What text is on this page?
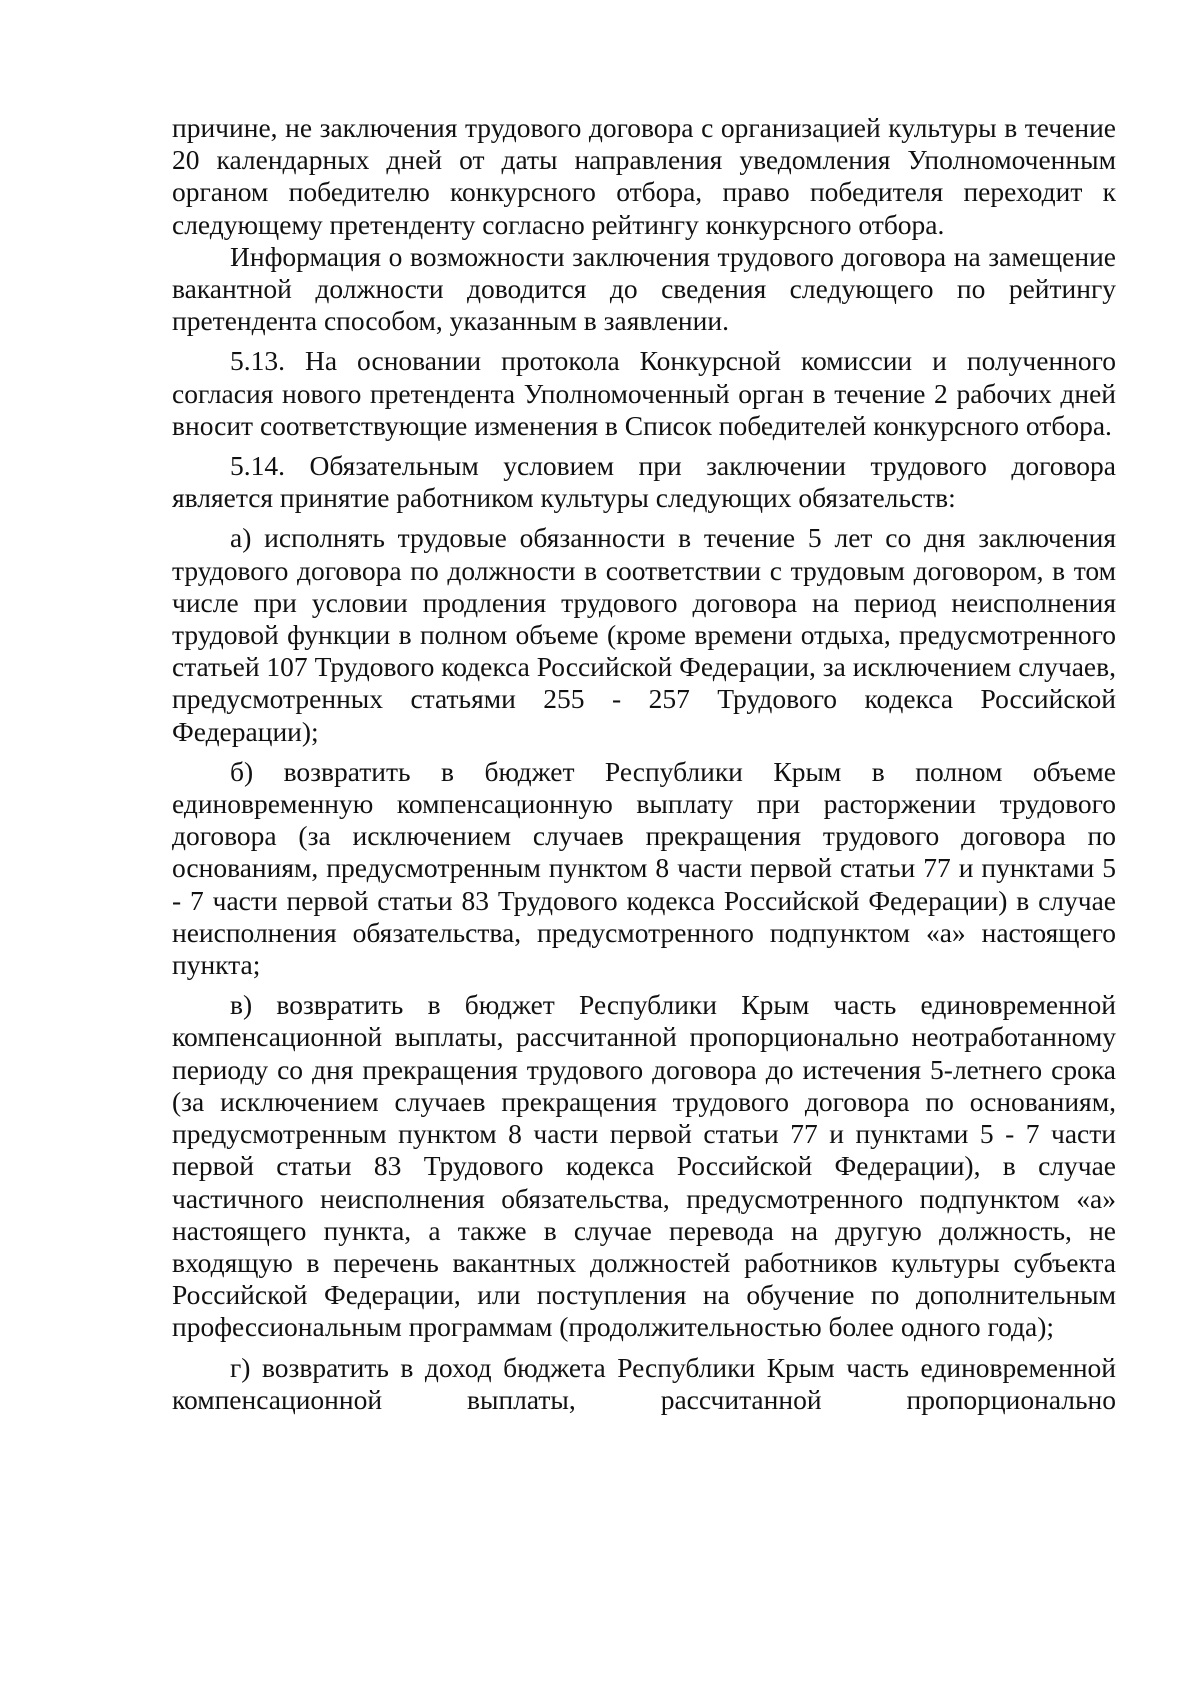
причине, не заключения трудового договора с организацией культуры в течение 20 календарных дней от даты направления уведомления Уполномоченным органом победителю конкурсного отбора, право победителя переходит к следующему претенденту согласно рейтингу конкурсного отбора.

Информация о возможности заключения трудового договора на замещение вакантной должности доводится до сведения следующего по рейтингу претендента способом, указанным в заявлении.

5.13. На основании протокола Конкурсной комиссии и полученного согласия нового претендента Уполномоченный орган в течение 2 рабочих дней вносит соответствующие изменения в Список победителей конкурсного отбора.

5.14. Обязательным условием при заключении трудового договора является принятие работником культуры следующих обязательств:

а) исполнять трудовые обязанности в течение 5 лет со дня заключения трудового договора по должности в соответствии с трудовым договором, в том числе при условии продления трудового договора на период неисполнения трудовой функции в полном объеме (кроме времени отдыха, предусмотренного статьей 107 Трудового кодекса Российской Федерации, за исключением случаев, предусмотренных статьями 255 - 257 Трудового кодекса Российской Федерации);

б) возвратить в бюджет Республики Крым в полном объеме единовременную компенсационную выплату при расторжении трудового договора (за исключением случаев прекращения трудового договора по основаниям, предусмотренным пунктом 8 части первой статьи 77 и пунктами 5 - 7 части первой статьи 83 Трудового кодекса Российской Федерации) в случае неисполнения обязательства, предусмотренного подпунктом «а» настоящего пункта;

в) возвратить в бюджет Республики Крым часть единовременной компенсационной выплаты, рассчитанной пропорционально неотработанному периоду со дня прекращения трудового договора до истечения 5-летнего срока (за исключением случаев прекращения трудового договора по основаниям, предусмотренным пунктом 8 части первой статьи 77 и пунктами 5 - 7 части первой статьи 83 Трудового кодекса Российской Федерации), в случае частичного неисполнения обязательства, предусмотренного подпунктом «а» настоящего пункта, а также в случае перевода на другую должность, не входящую в перечень вакантных должностей работников культуры субъекта Российской Федерации, или поступления на обучение по дополнительным профессиональным программам (продолжительностью более одного года);

г) возвратить в доход бюджета Республики Крым часть единовременной компенсационной выплаты, рассчитанной пропорционально
